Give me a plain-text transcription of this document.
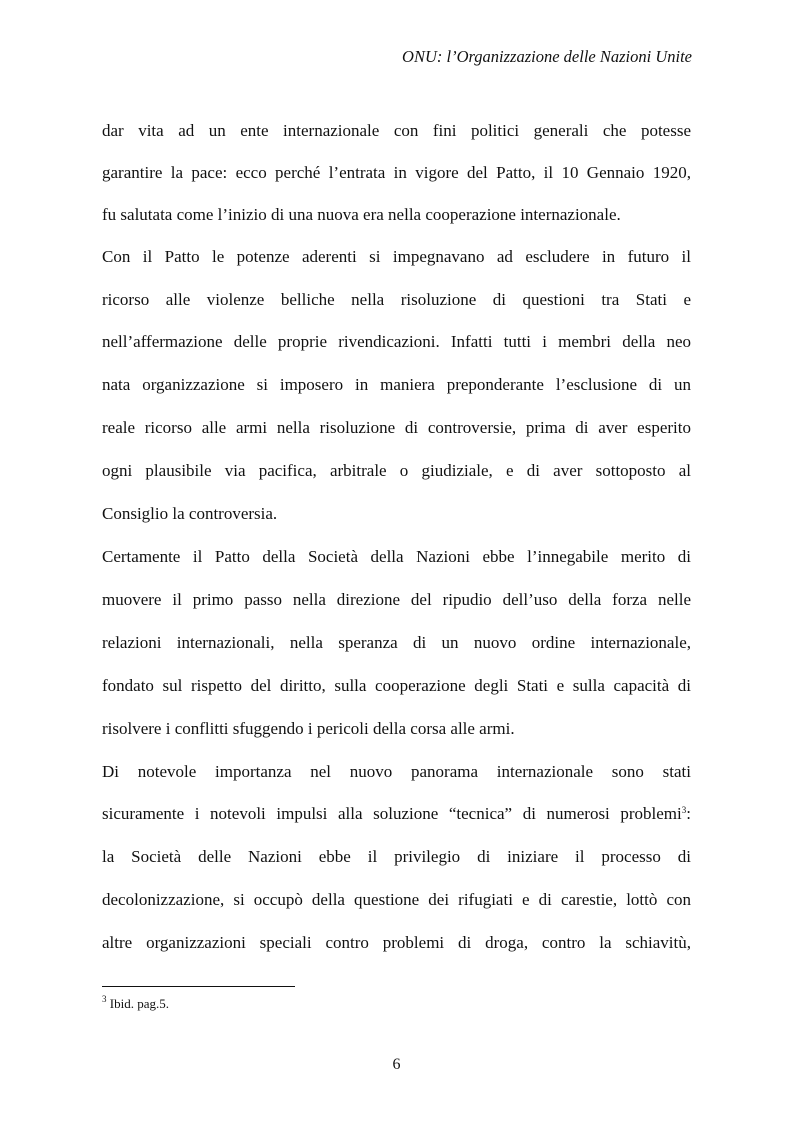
ONU: l’Organizzazione delle Nazioni Unite
dar vita ad un ente internazionale con fini politici generali che potesse
garantire la pace: ecco perché l’entrata in vigore del Patto, il 10 Gennaio 1920,
fu salutata come l’inizio di una nuova era nella cooperazione internazionale.
Con il Patto le potenze aderenti si impegnavano ad escludere in futuro il
ricorso alle violenze belliche nella risoluzione di questioni tra Stati e
nell’affermazione delle proprie rivendicazioni. Infatti tutti i membri della neo
nata organizzazione si imposero in maniera preponderante l’esclusione di un
reale ricorso alle armi nella risoluzione di controversie, prima di aver esperito
ogni plausibile via pacifica, arbitrale o giudiziale, e di aver sottoposto al
Consiglio la controversia.
Certamente il Patto della Società della Nazioni ebbe l’innegabile merito di
muovere il primo passo nella direzione del ripudio dell’uso della forza nelle
relazioni internazionali, nella speranza di un nuovo ordine internazionale,
fondato sul rispetto del diritto, sulla cooperazione degli Stati e sulla capacità di
risolvere i conflitti sfuggendo i pericoli della corsa alle armi.
Di notevole importanza nel nuovo panorama internazionale sono stati
sicuramente i notevoli impulsi alla soluzione “tecnica” di numerosi problemi$^3$:
la Società delle Nazioni ebbe il privilegio di iniziare il processo di
decolonizzazione, si occupò della questione dei rifugiati e di carestie, lottò con
altre organizzazioni speciali contro problemi di droga, contro la schiavitù,
$^3$ Ibid. pag.5.
6
